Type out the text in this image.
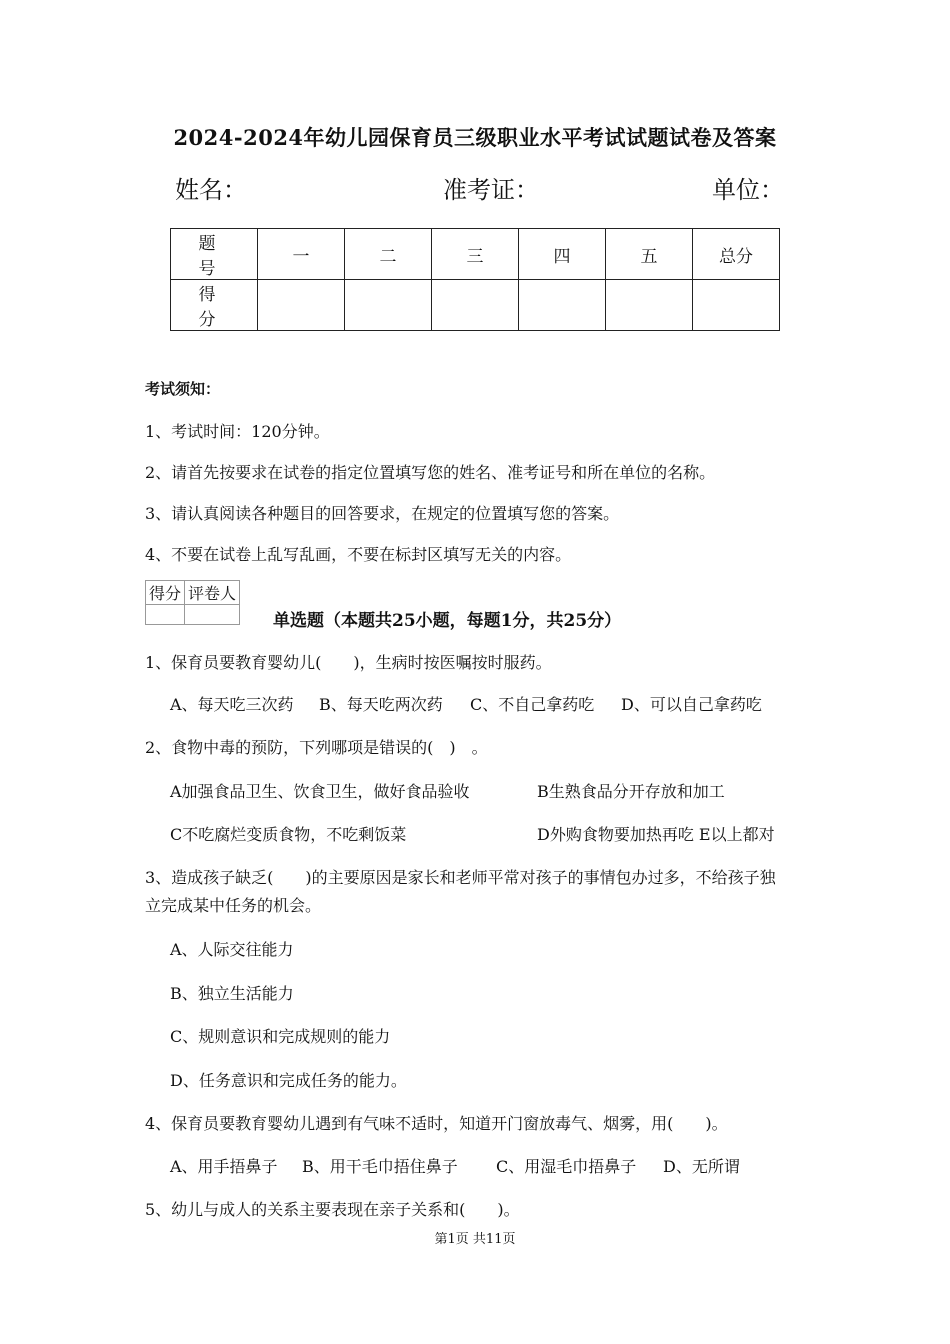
2024-2024年幼儿园保育员三级职业水平考试试题试卷及答案
姓名：	准考证：	单位：
题　号	一	二	三	四	五	总分
得　分						
考试须知：
1、考试时间：120分钟。
2、请首先按要求在试卷的指定位置填写您的姓名、准考证号和所在单位的名称。
3、请认真阅读各种题目的回答要求，在规定的位置填写您的答案。
4、不要在试卷上乱写乱画，不要在标封区填写无关的内容。
得分	评卷人

单选题（本题共25小题，每题1分，共25分）
1、保育员要教育婴幼儿(　　)，生病时按医嘱按时服药。
A、每天吃三次药 B、每天吃两次药 C、不自己拿药吃 D、可以自己拿药吃
2、食物中毒的预防，下列哪项是错误的(　)　。
A加强食品卫生、饮食卫生，做好食品验收	B生熟食品分开存放和加工
C不吃腐烂变质食物，不吃剩饭菜	D外购食物要加热再吃 E以上都对
3、造成孩子缺乏(　　)的主要原因是家长和老师平常对孩子的事情包办过多，不给孩子独
立完成某中任务的机会。
A、人际交往能力
B、独立生活能力
C、规则意识和完成规则的能力
D、任务意识和完成任务的能力。
4、保育员要教育婴幼儿遇到有气味不适时，知道开门窗放毒气、烟雾，用(　　)。
A、用手捂鼻子 B、用干毛巾捂住鼻子 C、用湿毛巾捂鼻子 D、无所谓
5、幼儿与成人的关系主要表现在亲子关系和(　　)。
第1页 共11页
